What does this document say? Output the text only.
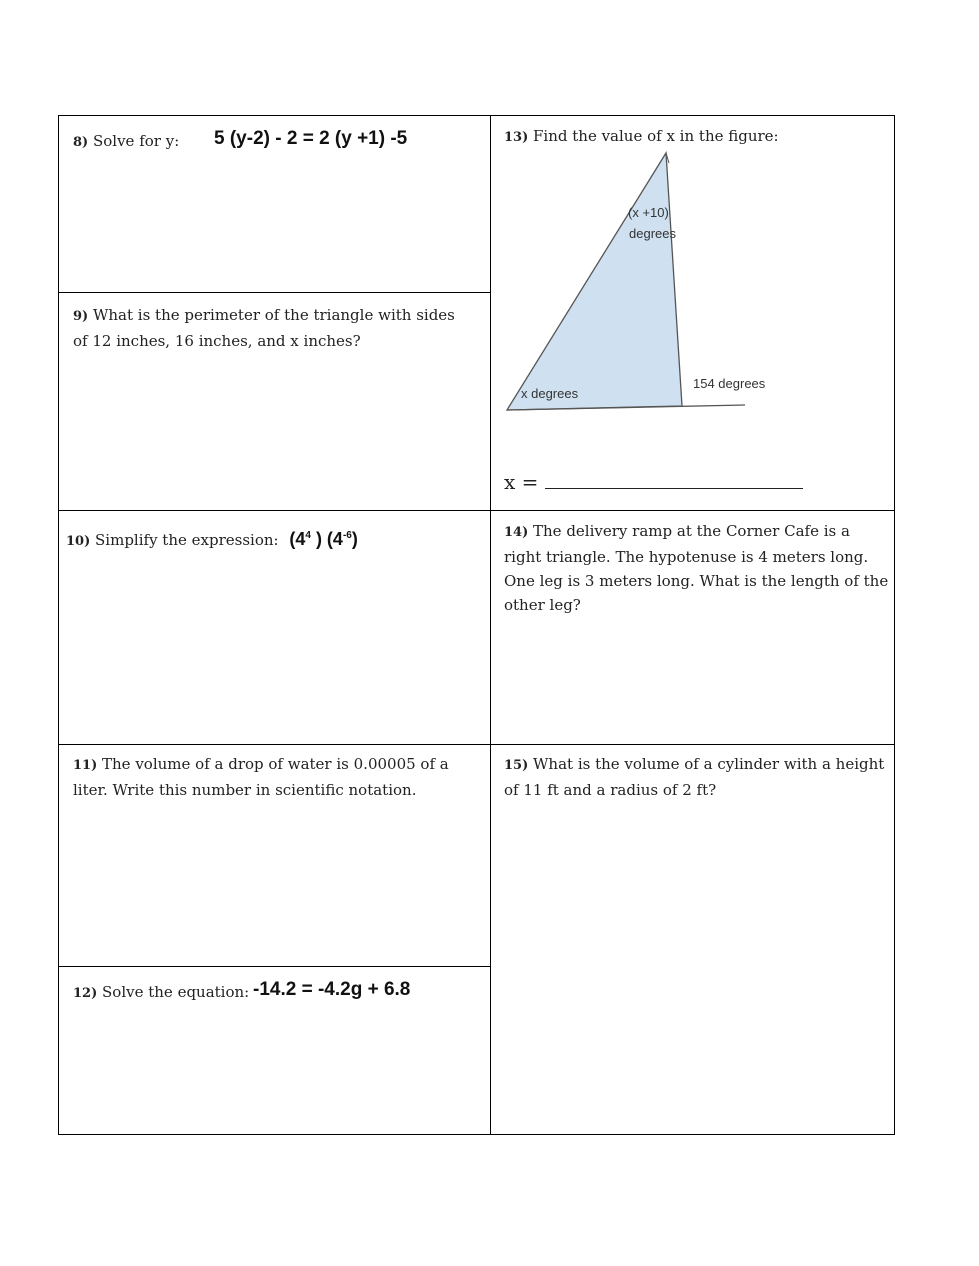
8) Solve for y:	5 (y-2) - 2 = 2 (y +1) -5
9) What is the perimeter of the triangle with sides of 12 inches, 16 inches, and x inches?
13) Find the value of x in the figure:
(x +10)
degrees
x degrees
154 degrees
x =
10) Simplify the expression: ($4^4$ ) $(4^{-6})$	14) The delivery ramp at the Corner Cafe is a right triangle. The hypotenuse is 4 meters long. One leg is 3 meters long. What is the length of the other leg?
11) The volume of a drop of water is 0.00005 of a liter. Write this number in scientific notation.
12) Solve the equation: -14.2 = -4.2g + 6.8
15) What is the volume of a cylinder with a height of 11 ft and a radius of 2 ft?
